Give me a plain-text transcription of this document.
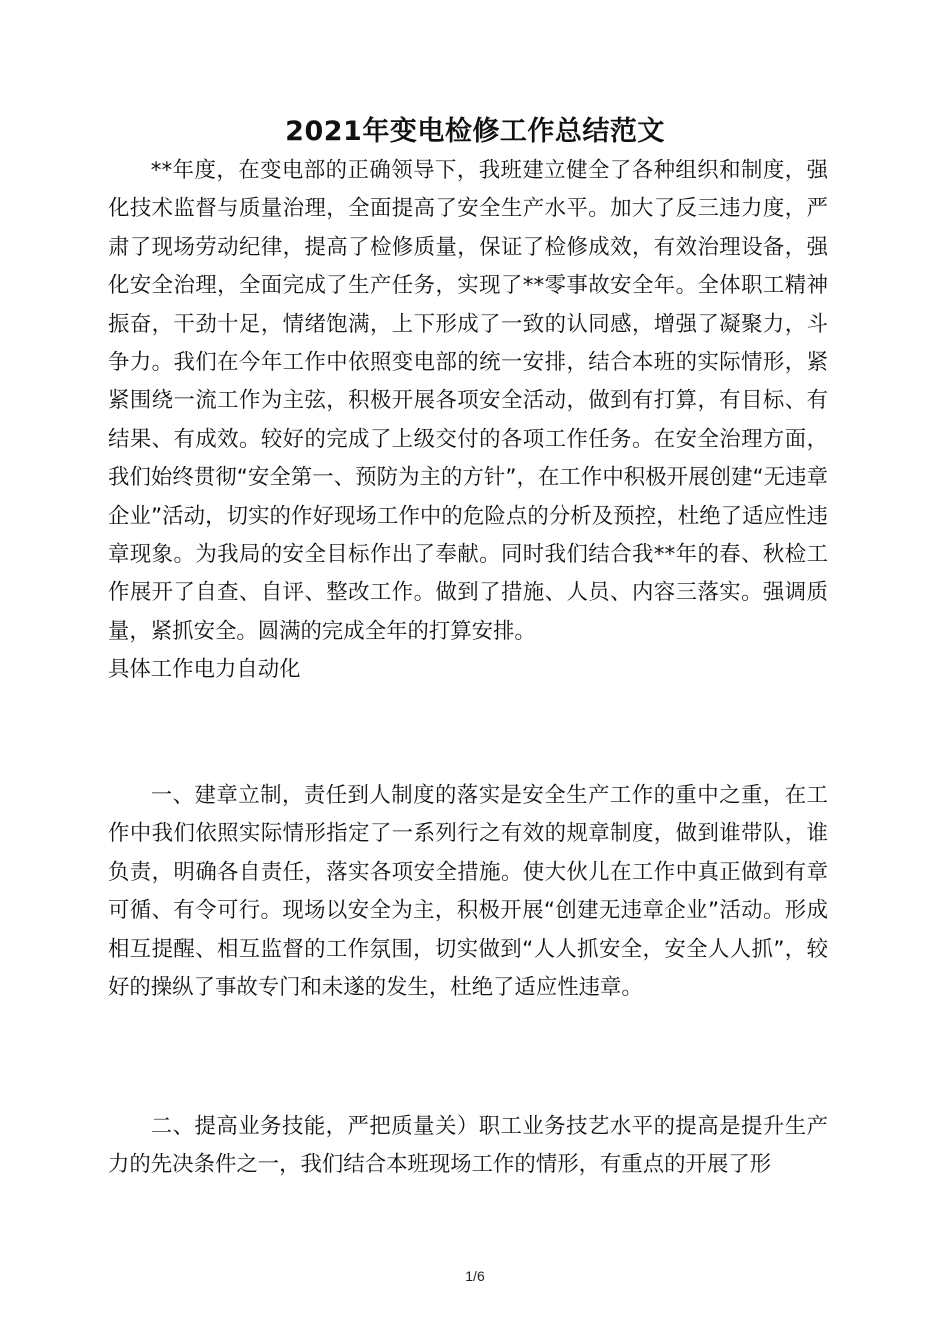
2021年变电检修工作总结范文

**年度，在变电部的正确领导下，我班建立健全了各种组织和制度，强化技术监督与质量治理，全面提高了安全生产水平。加大了反三违力度，严肃了现场劳动纪律，提高了检修质量，保证了检修成效，有效治理设备，强化安全治理，全面完成了生产任务，实现了**零事故安全年。全体职工精神振奋，干劲十足，情绪饱满，上下形成了一致的认同感，增强了凝聚力，斗争力。我们在今年工作中依照变电部的统一安排，结合本班的实际情形，紧紧围绕一流工作为主弦，积极开展各项安全活动，做到有打算，有目标、有结果、有成效。较好的完成了上级交付的各项工作任务。在安全治理方面，我们始终贯彻“安全第一、预防为主的方针”，在工作中积极开展创建“无违章企业”活动，切实的作好现场工作中的危险点的分析及预控，杜绝了适应性违章现象。为我局的安全目标作出了奉献。同时我们结合我**年的春、秋检工作展开了自查、自评、整改工作。做到了措施、人员、内容三落实。强调质量，紧抓安全。圆满的完成全年的打算安排。

具体工作电力自动化

一、建章立制，责任到人制度的落实是安全生产工作的重中之重，在工作中我们依照实际情形指定了一系列行之有效的规章制度，做到谁带队，谁负责，明确各自责任，落实各项安全措施。使大伙儿在工作中真正做到有章可循、有令可行。现场以安全为主，积极开展“创建无违章企业”活动。形成相互提醒、相互监督的工作氛围，切实做到“人人抓安全，安全人人抓”，较好的操纵了事故专门和未遂的发生，杜绝了适应性违章。

二、提高业务技能，严把质量关）职工业务技艺水平的提高是提升生产力的先决条件之一，我们结合本班现场工作的情形，有重点的开展了形

1/6
